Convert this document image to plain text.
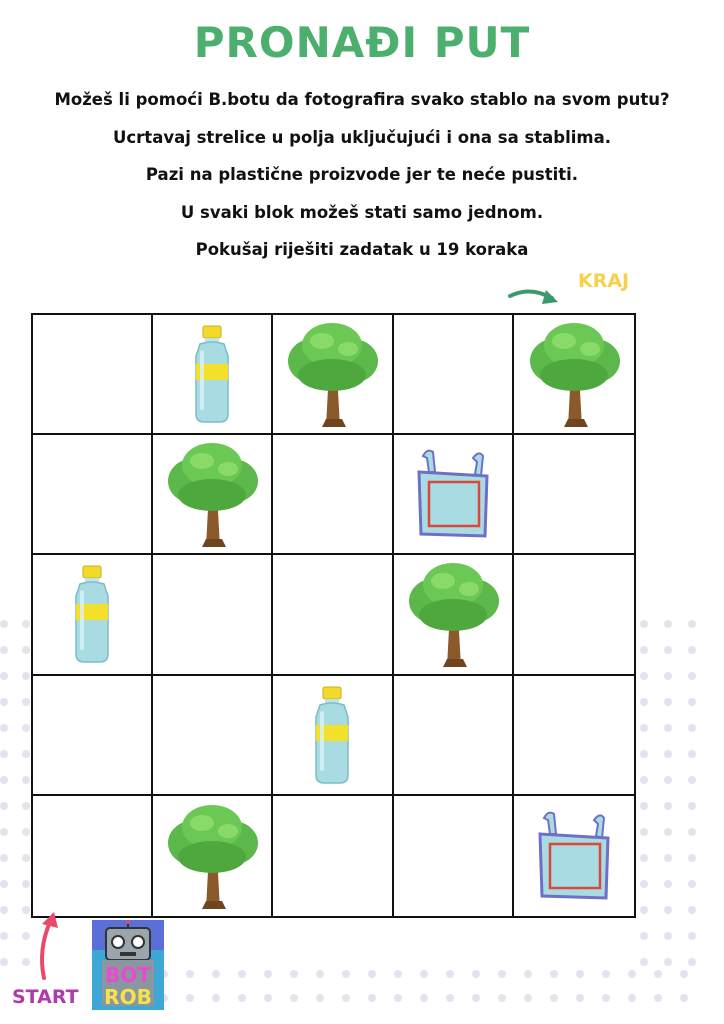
PRONAĐI PUT
Možeš li pomoći B.botu da fotografira svako stablo na svom putu?
Ucrtavaj strelice u polja uključujući i ona sa stablima.
Pazi na plastične proizvode jer te neće pustiti.
U svaki blok možeš stati samo jednom.
Pokušaj riješiti zadatak u 19 koraka
KRAJ
START
BOT
ROB
